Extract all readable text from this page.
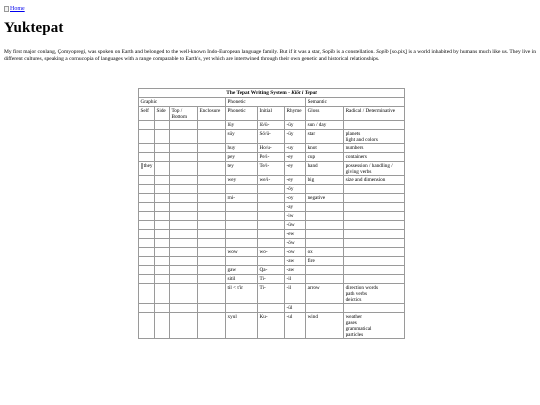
Home
Yuktepat

My first major conlang, Çomyopregi, was spoken on Earth and belonged to the well-known Indo-European language family. But if it was a star, Sopīb is a constellation. Sopīb [so.pix̞] is a world inhabited by humans much like us. They live in different cultures, speaking a cornucopia of languages with a range comparable to Earth's, yet which are intertwined through their own genetic and historical relationships.

The Tepat Writing System - Klōt i Tepat
Graphic				Phonetic			Semantic	
Self	Side	Top / Bottom	Enclosure	Phonetic	Initial	Rhyme	Gloss	Radical / Determinative
				lüy	lö/ü-	-üy	sun / day	
				süy	Sö/ü-	-üy	star	planets
light and colors
				huy	Ho/u-	-uy	knot	numbers
				pey	Pe/i-	-ey	cup	containers

they				tey	Te/i-	-ey	hand	possession / handling / giving verbs
				wey	we/i-	-ey	big	size and dimension
						-öy		
				rni-		-oy	negative	
						-ay		
						-iw		
						-üw		
						-ew		
						-öw		
				wow	wo-	-ow	ox	
						-aw	fire	
				gaw	Qa-	-aw		
				sitil	Ti-	-il		
				til < t'ir	Ti-	-il	arrow	direction words
path verbs
deictics
						-ül		
				xyul	Ku-	-ul	wind	weather
gases
grammatical
particles
